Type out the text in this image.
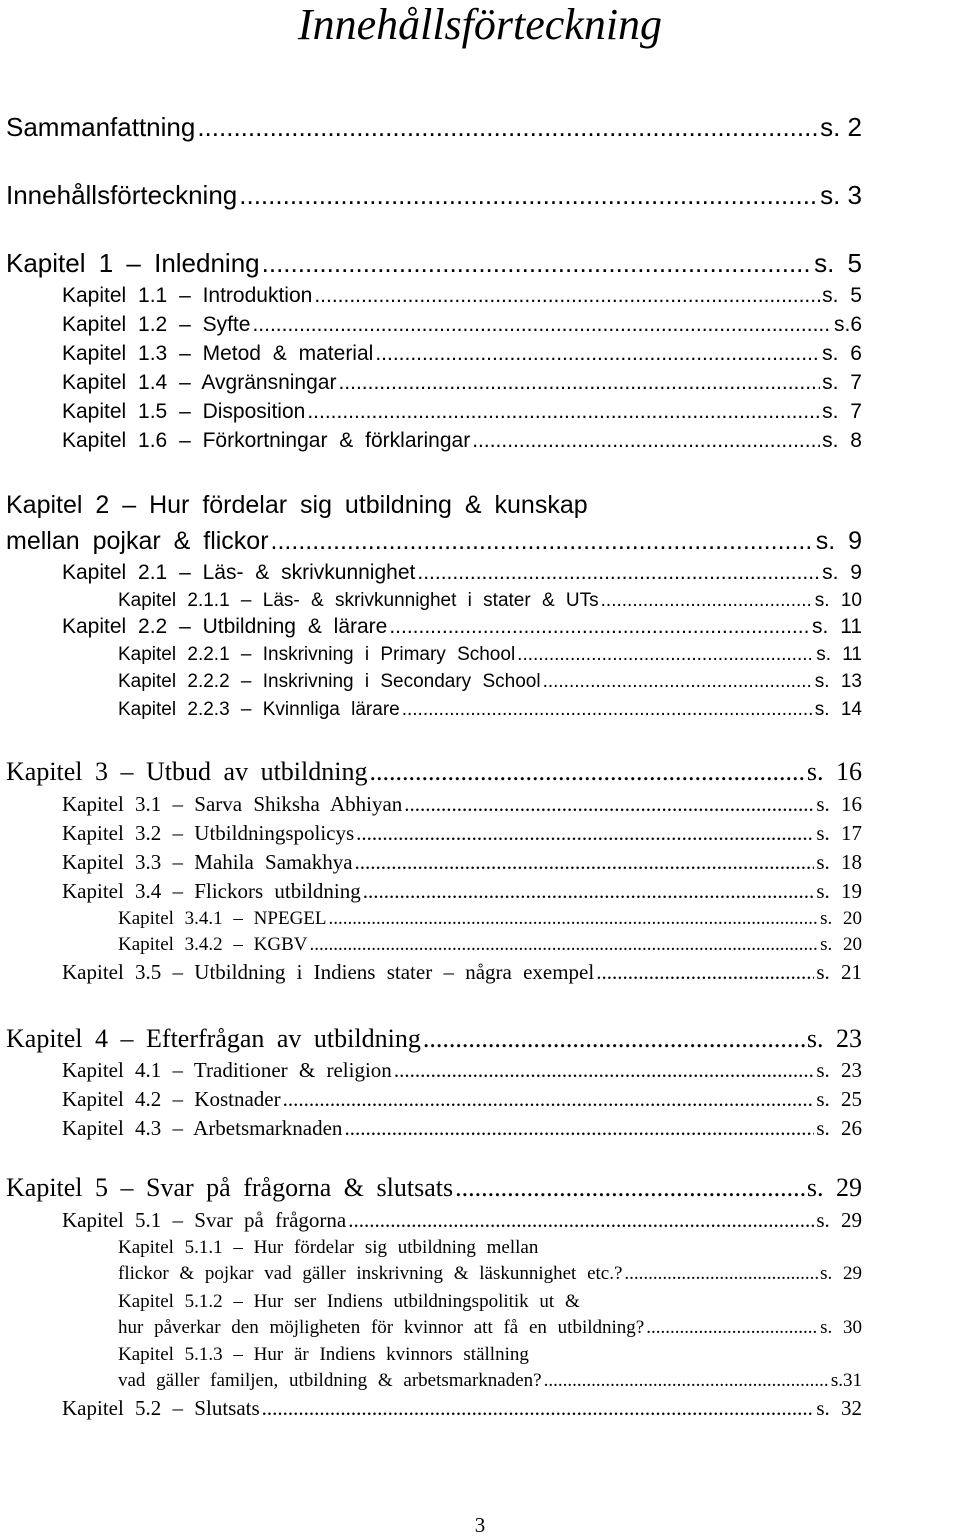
Innehållsförteckning
Sammanfattning .....	s. 2
Innehållsförteckning .....	s. 3
Kapitel 1 – Inledning .....	s. 5
Kapitel 1.1 – Introduktion .....	s. 5
Kapitel 1.2 – Syfte .....	s.6
Kapitel 1.3 – Metod & material .....	s. 6
Kapitel 1.4 – Avgränsningar .....	s. 7
Kapitel 1.5 – Disposition .....	s. 7
Kapitel 1.6 – Förkortningar & förklaringar .....	s. 8
Kapitel 2 – Hur fördelar sig utbildning & kunskap
mellan pojkar & flickor .....	s. 9
Kapitel 2.1 – Läs- & skrivkunnighet .....	s. 9
Kapitel 2.1.1 – Läs- & skrivkunnighet i stater & UTs .....	s. 10
Kapitel 2.2 – Utbildning & lärare .....	s. 11
Kapitel 2.2.1 – Inskrivning i Primary School .....	s. 11
Kapitel 2.2.2 – Inskrivning i Secondary School .....	s. 13
Kapitel 2.2.3 – Kvinnliga lärare .....	s. 14
Kapitel 3 – Utbud av utbildning .....	s. 16
Kapitel 3.1 – Sarva Shiksha Abhiyan .....	s. 16
Kapitel 3.2 – Utbildningspolicys .....	s. 17
Kapitel 3.3 – Mahila Samakhya .....	s. 18
Kapitel 3.4 – Flickors utbildning .....	s. 19
Kapitel 3.4.1 – NPEGEL .....	s. 20
Kapitel 3.4.2 – KGBV .....	s. 20
Kapitel 3.5 – Utbildning i Indiens stater – några exempel .....	s. 21
Kapitel 4 – Efterfrågan av utbildning .....	s. 23
Kapitel 4.1 – Traditioner & religion .....	s. 23
Kapitel 4.2 – Kostnader .....	s. 25
Kapitel 4.3 – Arbetsmarknaden .....	s. 26
Kapitel 5 – Svar på frågorna & slutsats .....	s. 29
Kapitel 5.1 – Svar på frågorna .....	s. 29
Kapitel 5.1.1 – Hur fördelar sig utbildning mellan
flickor & pojkar vad gäller inskrivning & läskunnighet etc.? .....	s. 29
Kapitel 5.1.2 – Hur ser Indiens utbildningspolitik ut &
hur påverkar den möjligheten för kvinnor att få en utbildning? .....	s. 30
Kapitel 5.1.3 – Hur är Indiens kvinnors ställning
vad gäller familjen, utbildning & arbetsmarknaden? .....	s.31
Kapitel 5.2 – Slutsats .....	s. 32
3
